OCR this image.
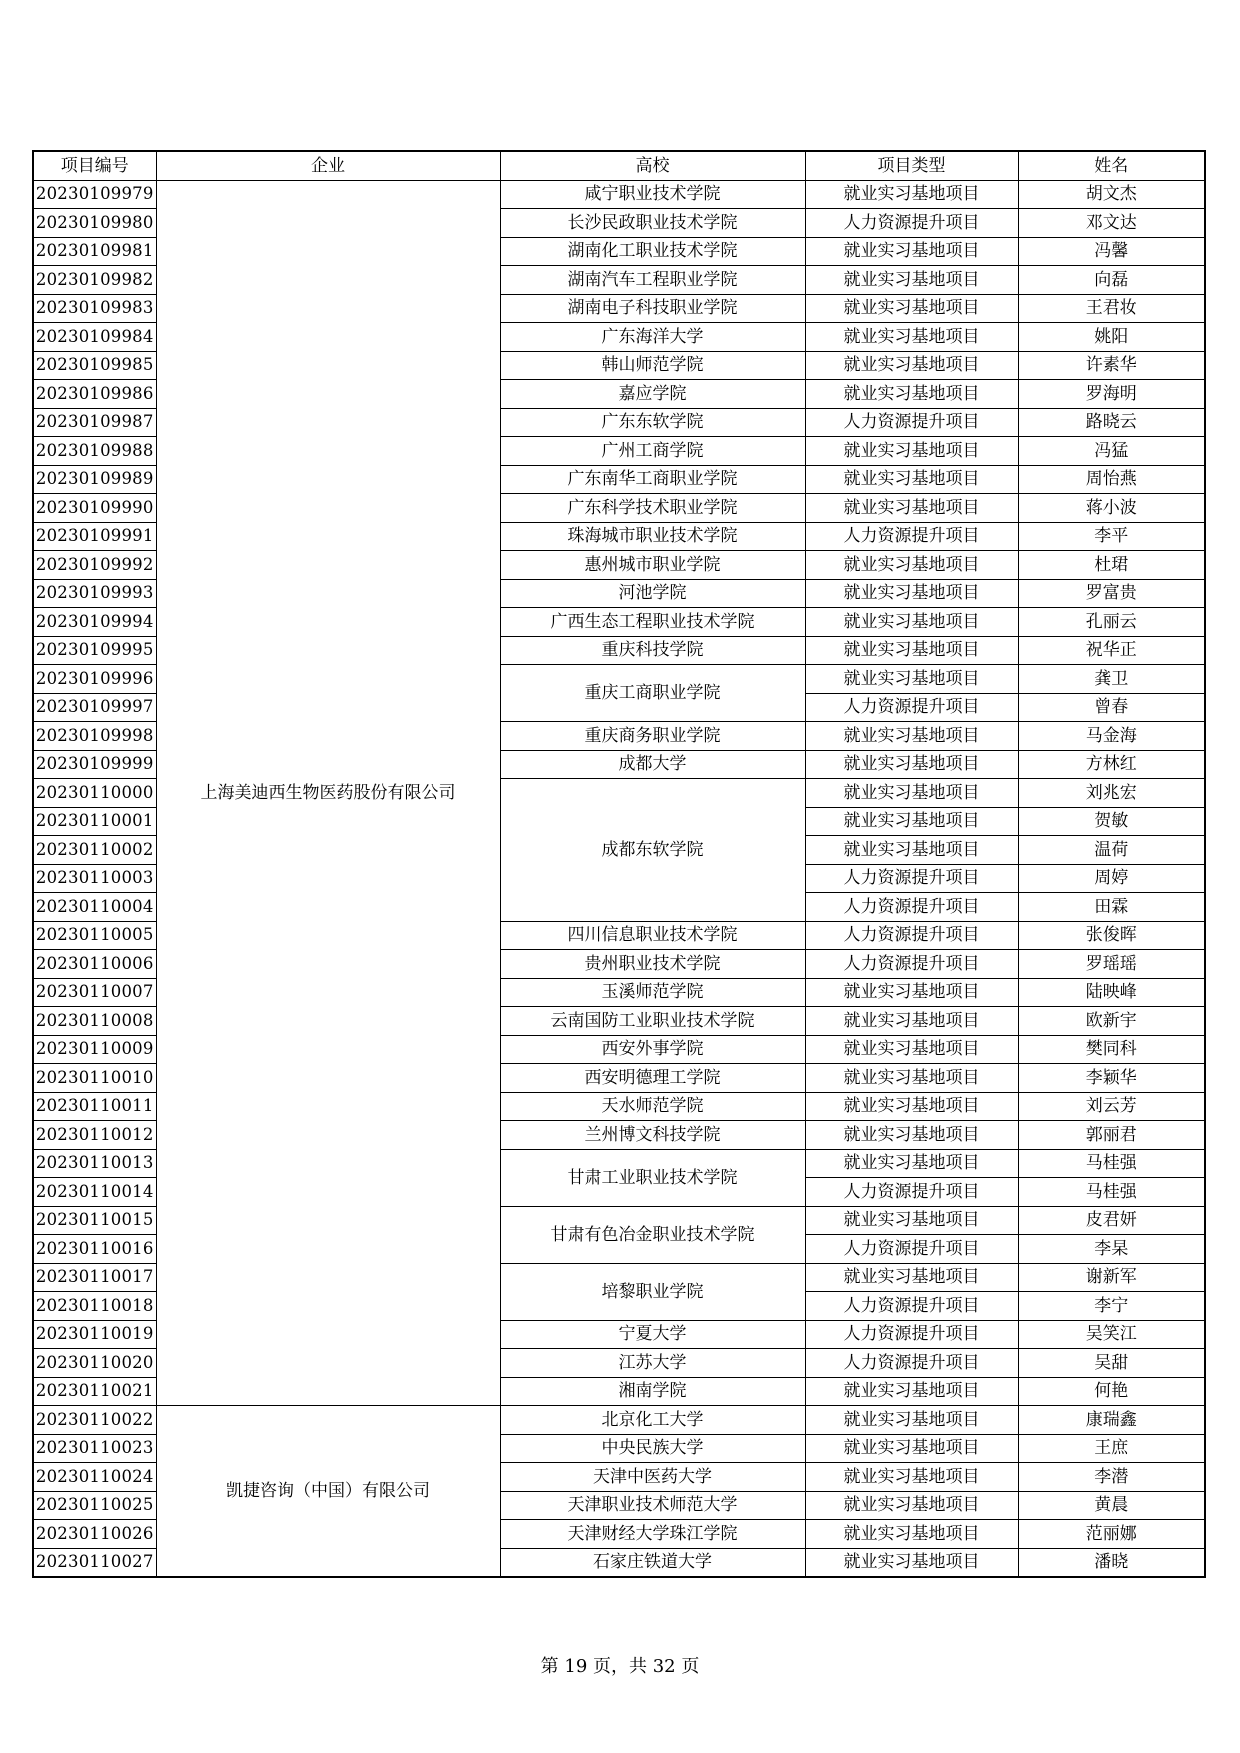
项目编号	企业	高校	项目类型	姓名
20230109979	上海美迪西生物医药股份有限公司	咸宁职业技术学院	就业实习基地项目	胡文杰
20230109980		长沙民政职业技术学院	人力资源提升项目	邓文达
20230109981		湖南化工职业技术学院	就业实习基地项目	冯馨
20230109982		湖南汽车工程职业学院	就业实习基地项目	向磊
20230109983		湖南电子科技职业学院	就业实习基地项目	王君妆
20230109984		广东海洋大学	就业实习基地项目	姚阳
20230109985		韩山师范学院	就业实习基地项目	许素华
20230109986		嘉应学院	就业实习基地项目	罗海明
20230109987		广东东软学院	人力资源提升项目	路晓云
20230109988		广州工商学院	就业实习基地项目	冯猛
20230109989		广东南华工商职业学院	就业实习基地项目	周怡燕
20230109990		广东科学技术职业学院	就业实习基地项目	蒋小波
20230109991		珠海城市职业技术学院	人力资源提升项目	李平
20230109992		惠州城市职业学院	就业实习基地项目	杜珺
20230109993		河池学院	就业实习基地项目	罗富贵
20230109994		广西生态工程职业技术学院	就业实习基地项目	孔丽云
20230109995		重庆科技学院	就业实习基地项目	祝华正
20230109996		重庆工商职业学院	就业实习基地项目	龚卫
20230109997			人力资源提升项目	曾春
20230109998		重庆商务职业学院	就业实习基地项目	马金海
20230109999		成都大学	就业实习基地项目	方林红
20230110000		成都东软学院	就业实习基地项目	刘兆宏
20230110001			就业实习基地项目	贺敏
20230110002			就业实习基地项目	温荷
20230110003			人力资源提升项目	周婷
20230110004			人力资源提升项目	田霖
20230110005		四川信息职业技术学院	人力资源提升项目	张俊晖
20230110006		贵州职业技术学院	人力资源提升项目	罗瑶瑶
20230110007		玉溪师范学院	就业实习基地项目	陆映峰
20230110008		云南国防工业职业技术学院	就业实习基地项目	欧新宇
20230110009		西安外事学院	就业实习基地项目	樊同科
20230110010		西安明德理工学院	就业实习基地项目	李颖华
20230110011		天水师范学院	就业实习基地项目	刘云芳
20230110012		兰州博文科技学院	就业实习基地项目	郭丽君
20230110013		甘肃工业职业技术学院	就业实习基地项目	马桂强
20230110014			人力资源提升项目	马桂强
20230110015		甘肃有色冶金职业技术学院	就业实习基地项目	皮君妍
20230110016			人力资源提升项目	李杲
20230110017		培黎职业学院	就业实习基地项目	谢新军
20230110018			人力资源提升项目	李宁
20230110019		宁夏大学	人力资源提升项目	吴笑江
20230110020		江苏大学	人力资源提升项目	吴甜
20230110021		湘南学院	就业实习基地项目	何艳
20230110022	凯捷咨询（中国）有限公司	北京化工大学	就业实习基地项目	康瑞鑫
20230110023		中央民族大学	就业实习基地项目	王庶
20230110024		天津中医药大学	就业实习基地项目	李潜
20230110025		天津职业技术师范大学	就业实习基地项目	黄晨
20230110026		天津财经大学珠江学院	就业实习基地项目	范丽娜
20230110027		石家庄铁道大学	就业实习基地项目	潘晓
第 19 页，共 32 页
